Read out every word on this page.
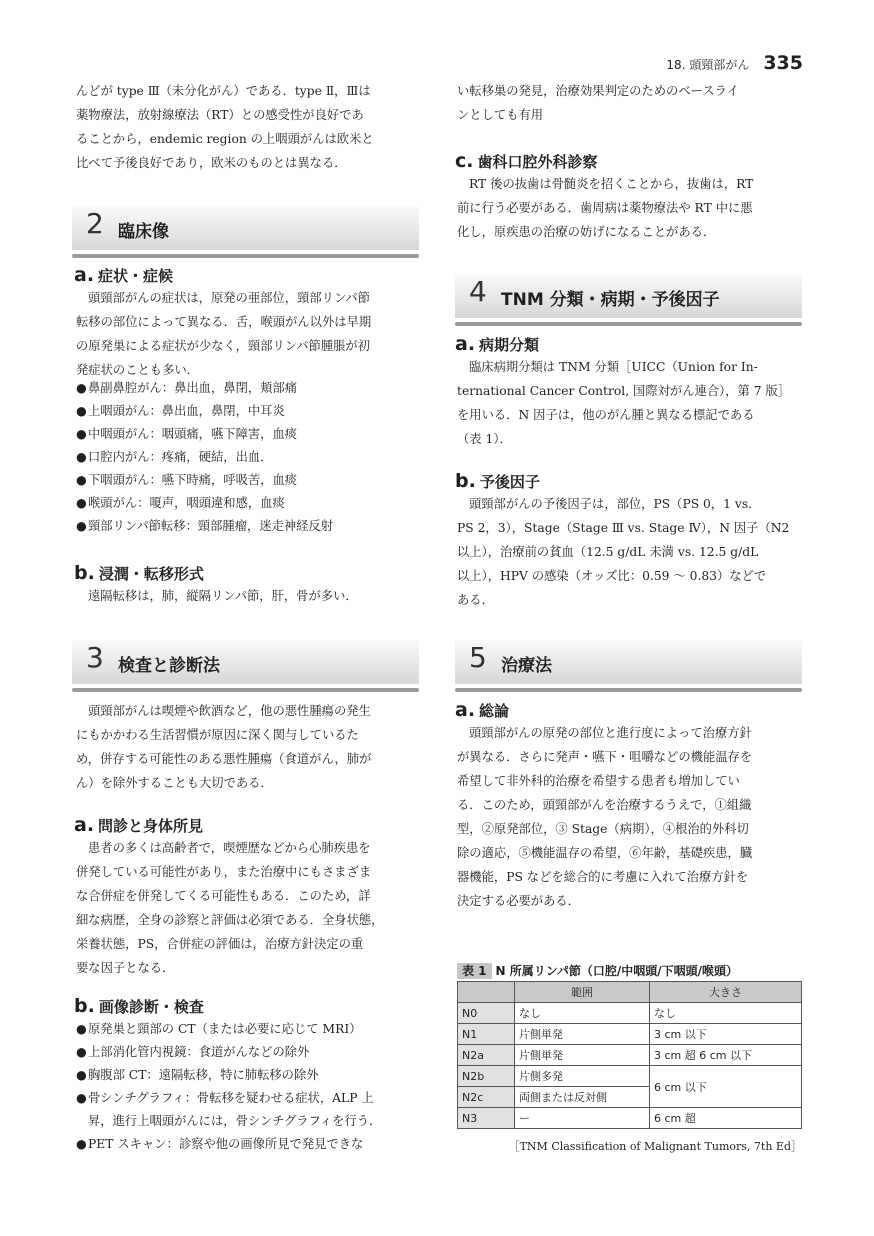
18. 頭頸部がん 335
んどが type Ⅲ（未分化がん）である．type Ⅱ，Ⅲは
薬物療法，放射線療法（RT）との感受性が良好であ
ることから，endemic region の上咽頭がんは欧米と
比べて予後良好であり，欧米のものとは異なる．
2 臨床像
a. 症状・症候
頭頸部がんの症状は，原発の亜部位，頸部リンパ節
転移の部位によって異なる．舌，喉頭がん以外は早期
の原発巣による症状が少なく，頸部リンパ節腫脹が初
発症状のことも多い．
●鼻副鼻腔がん：鼻出血，鼻閉，頬部痛
●上咽頭がん：鼻出血，鼻閉，中耳炎
●中咽頭がん：咽頭痛，嚥下障害，血痰
●口腔内がん：疼痛，硬結，出血．
●下咽頭がん：嚥下時痛，呼吸苦，血痰
●喉頭がん：嗄声，咽頭違和感，血痰
●頸部リンパ節転移：頸部腫瘤，迷走神経反射
b. 浸潤・転移形式
遠隔転移は，肺，縦隔リンパ節，肝，骨が多い．
3 検査と診断法
頭頸部がんは喫煙や飲酒など，他の悪性腫瘍の発生
にもかかわる生活習慣が原因に深く関与しているた
め，併存する可能性のある悪性腫瘍（食道がん，肺が
ん）を除外することも大切である．
a. 問診と身体所見
患者の多くは高齢者で，喫煙歴などから心肺疾患を
併発している可能性があり，また治療中にもさまざま
な合併症を併発してくる可能性もある．このため，詳
細な病歴，全身の診察と評価は必須である．全身状態，
栄養状態，PS，合併症の評価は，治療方針決定の重
要な因子となる．
b. 画像診断・検査
●原発巣と頸部の CT（または必要に応じて MRI）
●上部消化管内視鏡：食道がんなどの除外
●胸腹部 CT：遠隔転移，特に肺転移の除外
●骨シンチグラフィ：骨転移を疑わせる症状，ALP 上
昇，進行上咽頭がんには，骨シンチグラフィを行う．
●PET スキャン：診察や他の画像所見で発見できな
い転移巣の発見，治療効果判定のためのベースライ
ンとしても有用
c. 歯科口腔外科診察
RT 後の抜歯は骨髄炎を招くことから，抜歯は，RT
前に行う必要がある．歯周病は薬物療法や RT 中に悪
化し，原疾患の治療の妨げになることがある．
4 TNM 分類・病期・予後因子
a. 病期分類
臨床病期分類は TNM 分類［UICC（Union for In-
ternational Cancer Control, 国際対がん連合），第 7 版］
を用いる．N 因子は，他のがん腫と異なる標記である
（表 1）．
b. 予後因子
頭頸部がんの予後因子は，部位，PS（PS 0，1 vs.
PS 2，3），Stage（Stage Ⅲ vs. Stage Ⅳ），N 因子（N2
以上），治療前の貧血（12.5 g/dL 未満 vs. 12.5 g/dL
以上），HPV の感染（オッズ比：0.59 〜 0.83）などで
ある．
5 治療法
a. 総論
頭頸部がんの原発の部位と進行度によって治療方針
が異なる．さらに発声・嚥下・咀嚼などの機能温存を
希望して非外科的治療を希望する患者も増加してい
る．このため，頭頸部がんを治療するうえで，①組織
型，②原発部位，③ Stage（病期），④根治的外科切
除の適応，⑤機能温存の希望，⑥年齢，基礎疾患，臓
器機能，PS などを総合的に考慮に入れて治療方針を
決定する必要がある．
表 1 N 所属リンパ節（口腔/中咽頭/下咽頭/喉頭）
	範囲	大きさ
N0	なし	なし
N1	片側単発	3 cm 以下
N2a	片側単発	3 cm 超 6 cm 以下
N2b	片側多発	6 cm 以下
N2c	両側または反対側	
N3	ー	6 cm 超
［TNM Classification of Malignant Tumors, 7th Ed］
